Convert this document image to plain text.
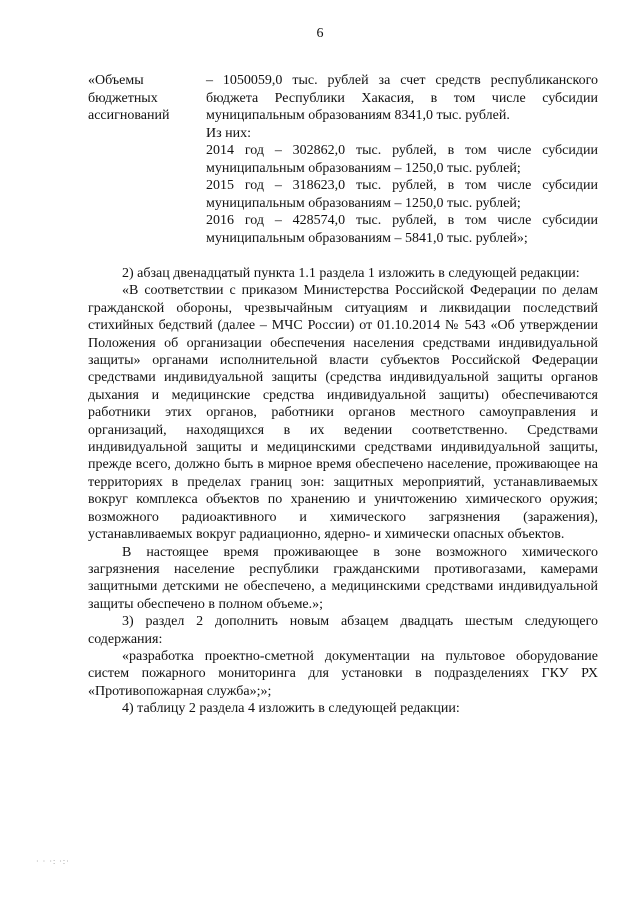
6
«Объемы
бюджетных
ассигнований
– 1050059,0 тыс. рублей за счет средств республиканского
бюджета Республики Хакасия, в том числе субсидии
муниципальным образованиям 8341,0 тыс. рублей.
Из них:
2014 год – 302862,0 тыс. рублей, в том числе субсидии
муниципальным образованиям – 1250,0 тыс. рублей;
2015 год – 318623,0 тыс. рублей, в том числе субсидии
муниципальным образованиям – 1250,0 тыс. рублей;
2016 год – 428574,0 тыс. рублей, в том числе субсидии
муниципальным образованиям – 5841,0 тыс. рублей»;

2) абзац двенадцатый пункта 1.1 раздела 1 изложить в следующей редакции:

«В соответствии с приказом Министерства Российской Федерации по делам
гражданской обороны, чрезвычайным ситуациям и ликвидации последствий
стихийных бедствий (далее – МЧС России) от 01.10.2014 № 543 «Об утверждении
Положения об организации обеспечения населения средствами индивидуальной
защиты» органами исполнительной власти субъектов Российской Федерации
средствами индивидуальной защиты (средства индивидуальной защиты органов
дыхания и медицинские средства индивидуальной защиты) обеспечиваются
работники этих органов, работники органов местного самоуправления и
организаций, находящихся в их ведении соответственно. Средствами
индивидуальной защиты и медицинскими средствами индивидуальной защиты,
прежде всего, должно быть в мирное время обеспечено население, проживающее на
территориях в пределах границ зон: защитных мероприятий, устанавливаемых
вокруг комплекса объектов по хранению и уничтожению химического оружия;
возможного радиоактивного и химического загрязнения (заражения),
устанавливаемых вокруг радиационно, ядерно- и химически опасных объектов.

В настоящее время проживающее в зоне возможного химического
загрязнения население республики гражданскими противогазами, камерами
защитными детскими не обеспечено, а медицинскими средствами индивидуальной
защиты обеспечено в полном объеме.»;

3) раздел 2 дополнить новым абзацем двадцать шестым следующего
содержания:

«разработка проектно-сметной документации на пультовое оборудование
систем пожарного мониторинга для установки в подразделениях ГКУ РХ
«Противопожарная служба»;»;

4) таблицу 2 раздела 4 изложить в следующей редакции:

· · ·: ·:·
